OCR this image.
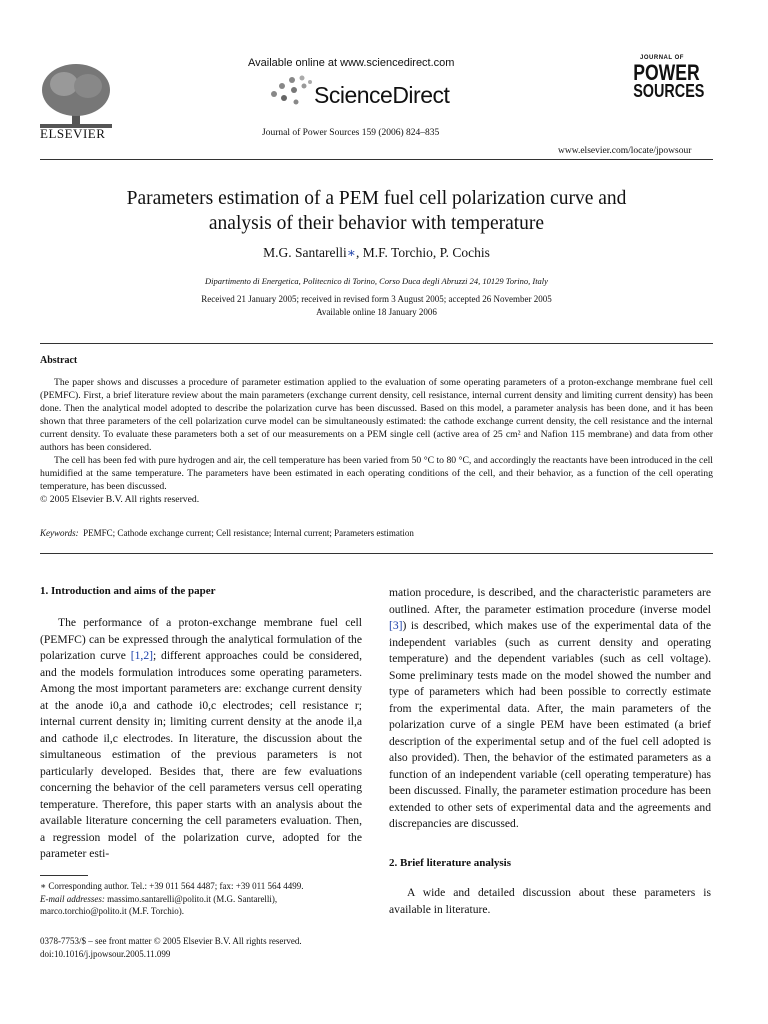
ELSEVIER
Available online at www.sciencedirect.com
ScienceDirect
Journal of Power Sources 159 (2006) 824–835
JOURNAL OF
POWER
SOURCES
www.elsevier.com/locate/jpowsour
Parameters estimation of a PEM fuel cell polarization curve and
analysis of their behavior with temperature
M.G. Santarelli∗, M.F. Torchio, P. Cochis
Dipartimento di Energetica, Politecnico di Torino, Corso Duca degli Abruzzi 24, 10129 Torino, Italy
Received 21 January 2005; received in revised form 3 August 2005; accepted 26 November 2005
Available online 18 January 2006
Abstract

The paper shows and discusses a procedure of parameter estimation applied to the evaluation of some operating parameters of a proton-exchange membrane fuel cell (PEMFC). First, a brief literature review about the main parameters (exchange current density, cell resistance, internal current density and limiting current density) has been done. Then the analytical model adopted to describe the polarization curve has been discussed. Based on this model, a parameter analysis has been done, and it has been shown that three parameters of the cell polarization curve model can be simultaneously estimated: the cathode exchange current density, the cell resistance and the internal current density. To evaluate these parameters both a set of our measurements on a PEM single cell (active area of 25 cm² and Nafion 115 membrane) and data from other authors has been considered.

The cell has been fed with pure hydrogen and air, the cell temperature has been varied from 50 °C to 80 °C, and accordingly the reactants have been introduced in the cell humidified at the same temperature. The parameters have been estimated in each operating conditions of the cell, and their behavior, as a function of the cell operating temperature, has been discussed.

© 2005 Elsevier B.V. All rights reserved.

Keywords: PEMFC; Cathode exchange current; Cell resistance; Internal current; Parameters estimation
1. Introduction and aims of the paper

The performance of a proton-exchange membrane fuel cell (PEMFC) can be expressed through the analytical formulation of the polarization curve [1,2]; different approaches could be considered, and the models formulation introduces some operating parameters. Among the most important parameters are: exchange current density at the anode i0,a and cathode i0,c electrodes; cell resistance r; internal current density in; limiting current density at the anode il,a and cathode il,c electrodes. In literature, the discussion about the simultaneous estimation of the previous parameters is not particularly developed. Besides that, there are few evaluations concerning the behavior of the cell parameters versus cell operating temperature. Therefore, this paper starts with an analysis about the available literature concerning the cell parameters evaluation. Then, a regression model of the polarization curve, adopted for the parameter esti-

∗ Corresponding author. Tel.: +39 011 564 4487; fax: +39 011 564 4499.
E-mail addresses: massimo.santarelli@polito.it (M.G. Santarelli),
marco.torchio@polito.it (M.F. Torchio).
0378-7753/$ – see front matter © 2005 Elsevier B.V. All rights reserved.
doi:10.1016/j.jpowsour.2005.11.099

mation procedure, is described, and the characteristic parameters are outlined. After, the parameter estimation procedure (inverse model [3]) is described, which makes use of the experimental data of the independent variables (such as current density and operating temperature) and the dependent variables (such as cell voltage). Some preliminary tests made on the model showed the number and type of parameters which had been possible to correctly estimate from the experimental data. After, the main parameters of the polarization curve of a single PEM have been estimated (a brief description of the experimental setup and of the fuel cell adopted is also provided). Then, the behavior of the estimated parameters as a function of an independent variable (cell operating temperature) has been discussed. Finally, the parameter estimation procedure has been extended to other sets of experimental data and the agreements and discrepancies are discussed.

2. Brief literature analysis

A wide and detailed discussion about these parameters is available in literature.
